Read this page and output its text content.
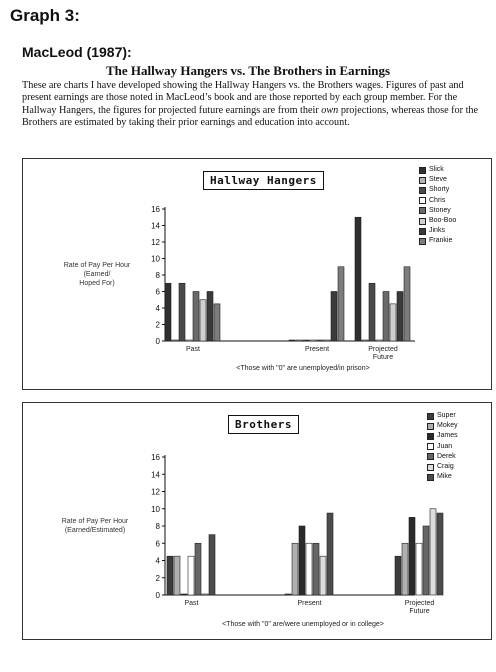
Graph 3:
MacLeod (1987):
The Hallway Hangers vs. The Brothers in Earnings
These are charts I have developed showing the Hallway Hangers vs. the Brothers wages. Figures of past and present earnings are those noted in MacLeod’s book and are those reported by each group member. For the Hallway Hangers, the figures for projected future earnings are from their own projections, whereas those for the Brothers are estimated by taking their prior earnings and education into account.
0
2
4
6
8
10
12
14
16
Past	Present	Projected
Future
Hallway Hangers
Rate of Pay Per Hour
(Earned/
Hoped For)
<Those with "0" are unemployed/in prison>
Slick
Steve
Shorty
Chris
Stoney
Boo-Boo
Jinks
Frankie
0
2
4
6
8
10
12
14
16
Past	Present	Projected
Future
Brothers
Rate of Pay Per Hour
(Earned/Estimated)
<Those with "0" are/were unemployed or in college>
Super
Mokey
James
Juan
Derek
Craig
Mike
